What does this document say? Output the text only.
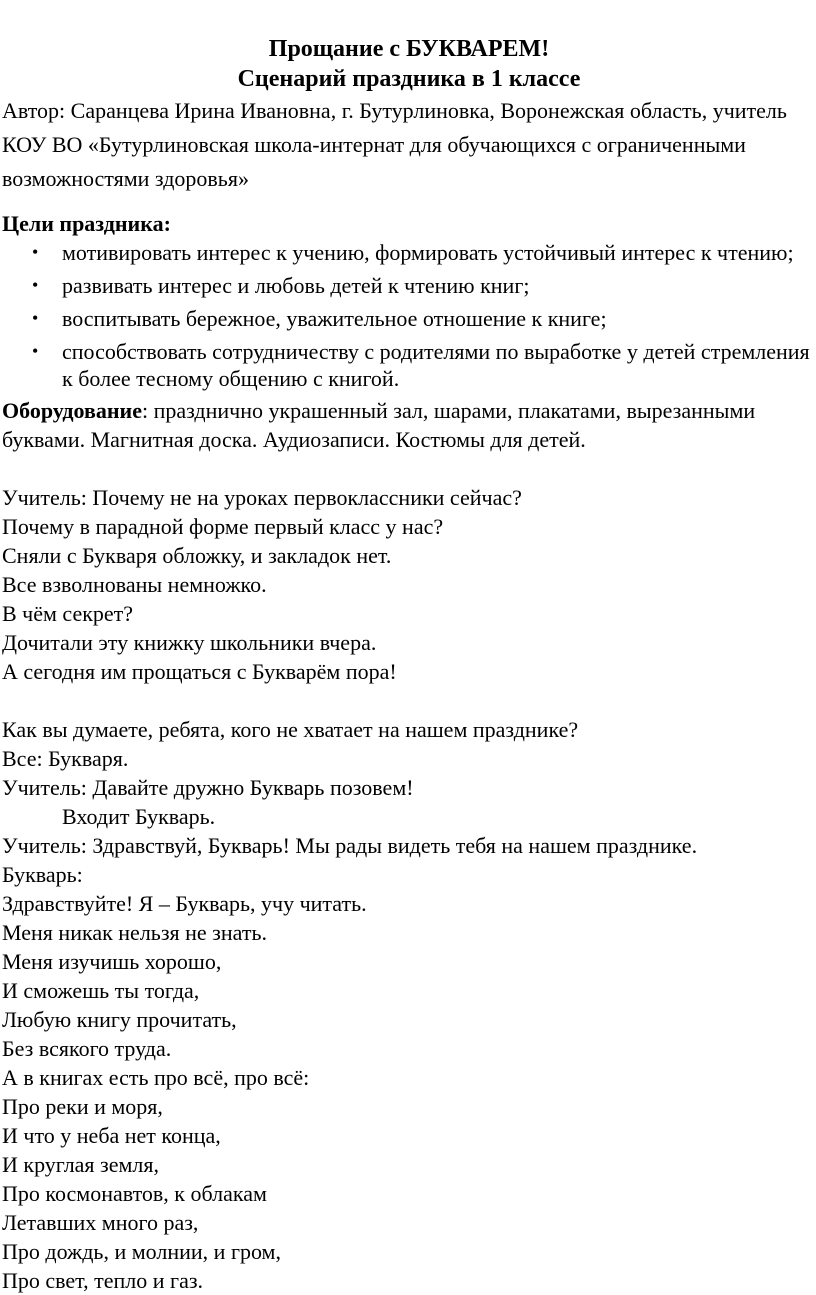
Прощание с БУКВАРЕМ!
Сценарий праздника в 1 классе
Автор: Саранцева Ирина Ивановна, г. Бутурлиновка, Воронежская область, учитель КОУ ВО «Бутурлиновская школа-интернат для обучающихся с ограниченными возможностями здоровья»
Цели праздника:
• мотивировать интерес к учению, формировать устойчивый интерес к чтению;
• развивать интерес и любовь детей к чтению книг;
• воспитывать бережное, уважительное отношение к книге;
• способствовать сотрудничеству с родителями по выработке у детей стремления к более тесному общению с книгой.
Оборудование: празднично украшенный зал, шарами, плакатами, вырезанными буквами. Магнитная доска. Аудиозаписи. Костюмы для детей.
Учитель: Почему не на уроках первоклассники сейчас?
Почему в парадной форме первый класс у нас?
Сняли с Букваря обложку, и закладок нет.
Все взволнованы немножко.
В чём секрет?
Дочитали эту книжку школьники вчера.
А сегодня им прощаться с Букварём пора!
Как вы думаете, ребята, кого не хватает на нашем празднике?
Все: Букваря.
Учитель: Давайте дружно Букварь позовем!
Входит Букварь.
Учитель: Здравствуй, Букварь! Мы рады видеть тебя на нашем празднике.
Букварь:
Здравствуйте! Я – Букварь, учу читать.
Меня никак нельзя не знать.
Меня изучишь хорошо,
И сможешь ты тогда,
Любую книгу прочитать,
Без всякого труда.
А в книгах есть про всё, про всё:
Про реки и моря,
И что у неба нет конца,
И круглая земля,
Про космонавтов, к облакам
Летавших много раз,
Про дождь, и молнии, и гром,
Про свет, тепло и газ.
